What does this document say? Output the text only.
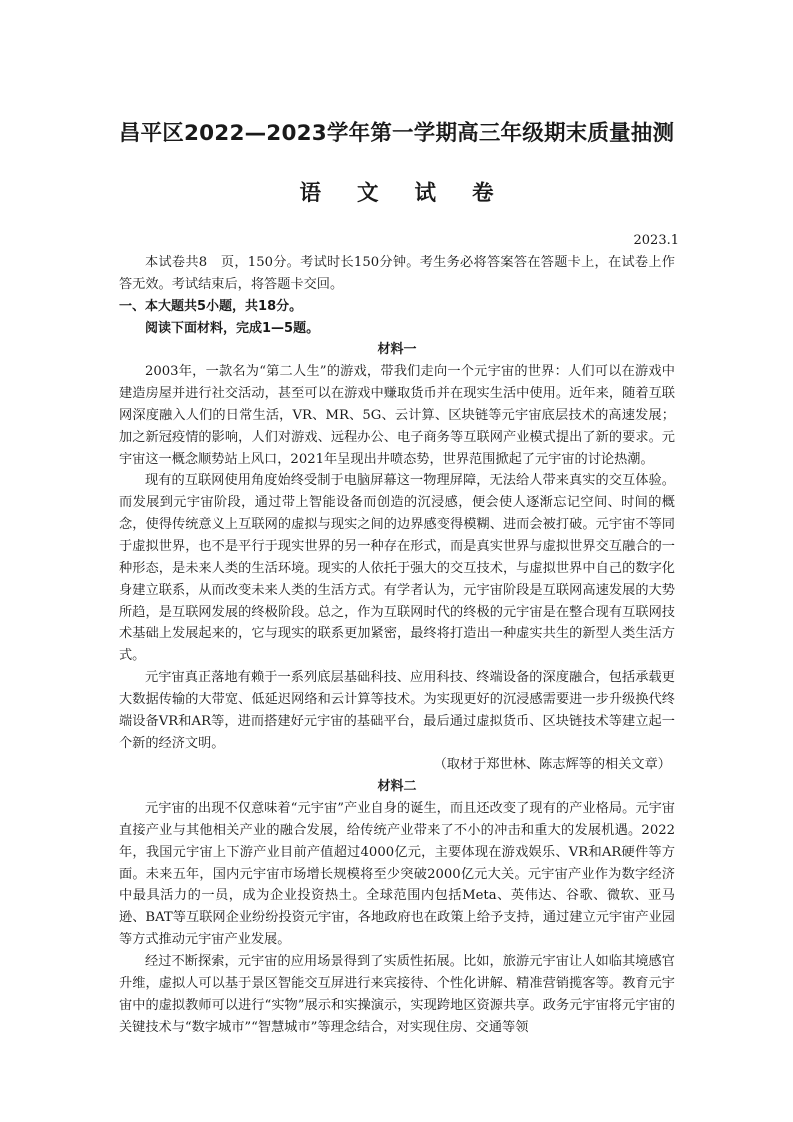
昌平区2022—2023学年第一学期高三年级期末质量抽测
语文试卷
2023.1

本试卷共8　页，150分。考试时长150分钟。考生务必将答案答在答题卡上，在试卷上作答无效。考试结束后，将答题卡交回。

一、本大题共5小题，共18分。

阅读下面材料，完成1—5题。

材料一

2003年，一款名为“第二人生”的游戏，带我们走向一个元宇宙的世界：人们可以在游戏中建造房屋并进行社交活动，甚至可以在游戏中赚取货币并在现实生活中使用。近年来，随着互联网深度融入人们的日常生活，VR、MR、5G、云计算、区块链等元宇宙底层技术的高速发展；加之新冠疫情的影响，人们对游戏、远程办公、电子商务等互联网产业模式提出了新的要求。元宇宙这一概念顺势站上风口，2021年呈现出井喷态势，世界范围掀起了元宇宙的讨论热潮。

现有的互联网使用角度始终受制于电脑屏幕这一物理屏障，无法给人带来真实的交互体验。而发展到元宇宙阶段，通过带上智能设备而创造的沉浸感，便会使人逐渐忘记空间、时间的概念，使得传统意义上互联网的虚拟与现实之间的边界感变得模糊、进而会被打破。元宇宙不等同于虚拟世界，也不是平行于现实世界的另一种存在形式，而是真实世界与虚拟世界交互融合的一种形态，是未来人类的生活环境。现实的人依托于强大的交互技术，与虚拟世界中自己的数字化身建立联系，从而改变未来人类的生活方式。有学者认为，元宇宙阶段是互联网高速发展的大势所趋，是互联网发展的终极阶段。总之，作为互联网时代的终极的元宇宙是在整合现有互联网技术基础上发展起来的，它与现实的联系更加紧密，最终将打造出一种虚实共生的新型人类生活方式。

元宇宙真正落地有赖于一系列底层基础科技、应用科技、终端设备的深度融合，包括承载更大数据传输的大带宽、低延迟网络和云计算等技术。为实现更好的沉浸感需要进一步升级换代终端设备VR和AR等，进而搭建好元宇宙的基础平台，最后通过虚拟货币、区块链技术等建立起一个新的经济文明。

（取材于郑世林、陈志辉等的相关文章）

材料二

元宇宙的出现不仅意味着“元宇宙”产业自身的诞生，而且还改变了现有的产业格局。元宇宙直接产业与其他相关产业的融合发展，给传统产业带来了不小的冲击和重大的发展机遇。2022年，我国元宇宙上下游产业目前产值超过4000亿元，主要体现在游戏娱乐、VR和AR硬件等方面。未来五年，国内元宇宙市场增长规模将至少突破2000亿元大关。元宇宙产业作为数字经济中最具活力的一员，成为企业投资热土。全球范围内包括Meta、英伟达、谷歌、微软、亚马逊、BAT等互联网企业纷纷投资元宇宙，各地政府也在政策上给予支持，通过建立元宇宙产业园等方式推动元宇宙产业发展。

经过不断探索，元宇宙的应用场景得到了实质性拓展。比如，旅游元宇宙让人如临其境感官升维，虚拟人可以基于景区智能交互屏进行来宾接待、个性化讲解、精准营销揽客等。教育元宇宙中的虚拟教师可以进行“实物”展示和实操演示，实现跨地区资源共享。政务元宇宙将元宇宙的关键技术与“数字城市”“智慧城市”等理念结合，对实现住房、交通等领
